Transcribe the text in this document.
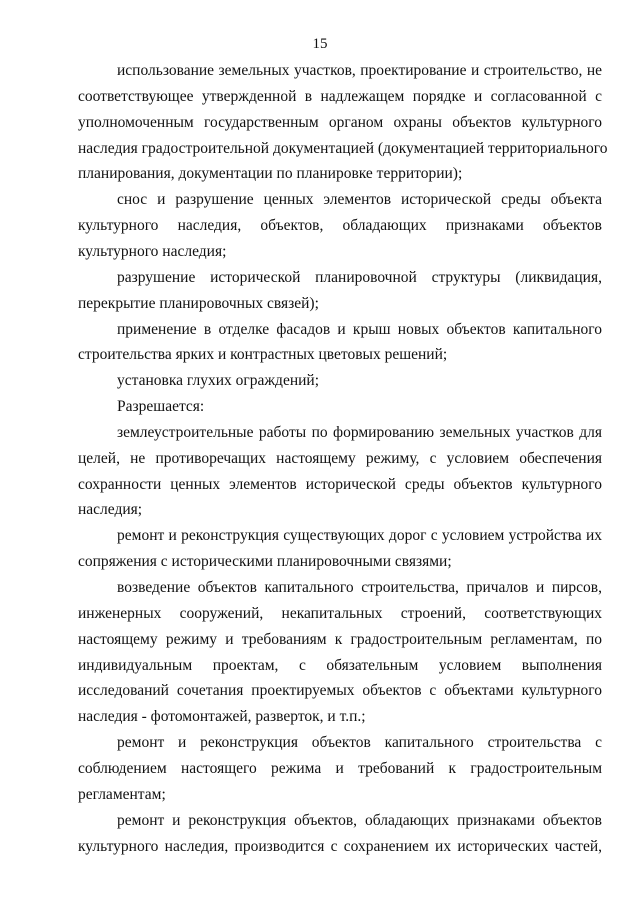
15
использование земельных участков, проектирование и строительство, не
соответствующее утвержденной в надлежащем порядке и согласованной с
уполномоченным государственным органом охраны объектов культурного
наследия градостроительной документацией (документацией территориального
планирования, документации по планировке территории);
снос и разрушение ценных элементов исторической среды объекта
культурного наследия, объектов, обладающих признаками объектов
культурного наследия;
разрушение исторической планировочной структуры (ликвидация,
перекрытие планировочных связей);
применение в отделке фасадов и крыш новых объектов капитального
строительства ярких и контрастных цветовых решений;
установка глухих ограждений;
Разрешается:
землеустроительные работы по формированию земельных участков для
целей, не противоречащих настоящему режиму, с условием обеспечения
сохранности ценных элементов исторической среды объектов культурного
наследия;
ремонт и реконструкция существующих дорог с условием устройства их
сопряжения с историческими планировочными связями;
возведение объектов капитального строительства, причалов и пирсов,
инженерных сооружений, некапитальных строений, соответствующих
настоящему режиму и требованиям к градостроительным регламентам, по
индивидуальным проектам, с обязательным условием выполнения
исследований сочетания проектируемых объектов с объектами культурного
наследия - фотомонтажей, разверток, и т.п.;
ремонт и реконструкция объектов капитального строительства с
соблюдением настоящего режима и требований к градостроительным
регламентам;
ремонт и реконструкция объектов, обладающих признаками объектов
культурного наследия, производится с сохранением их исторических частей,
